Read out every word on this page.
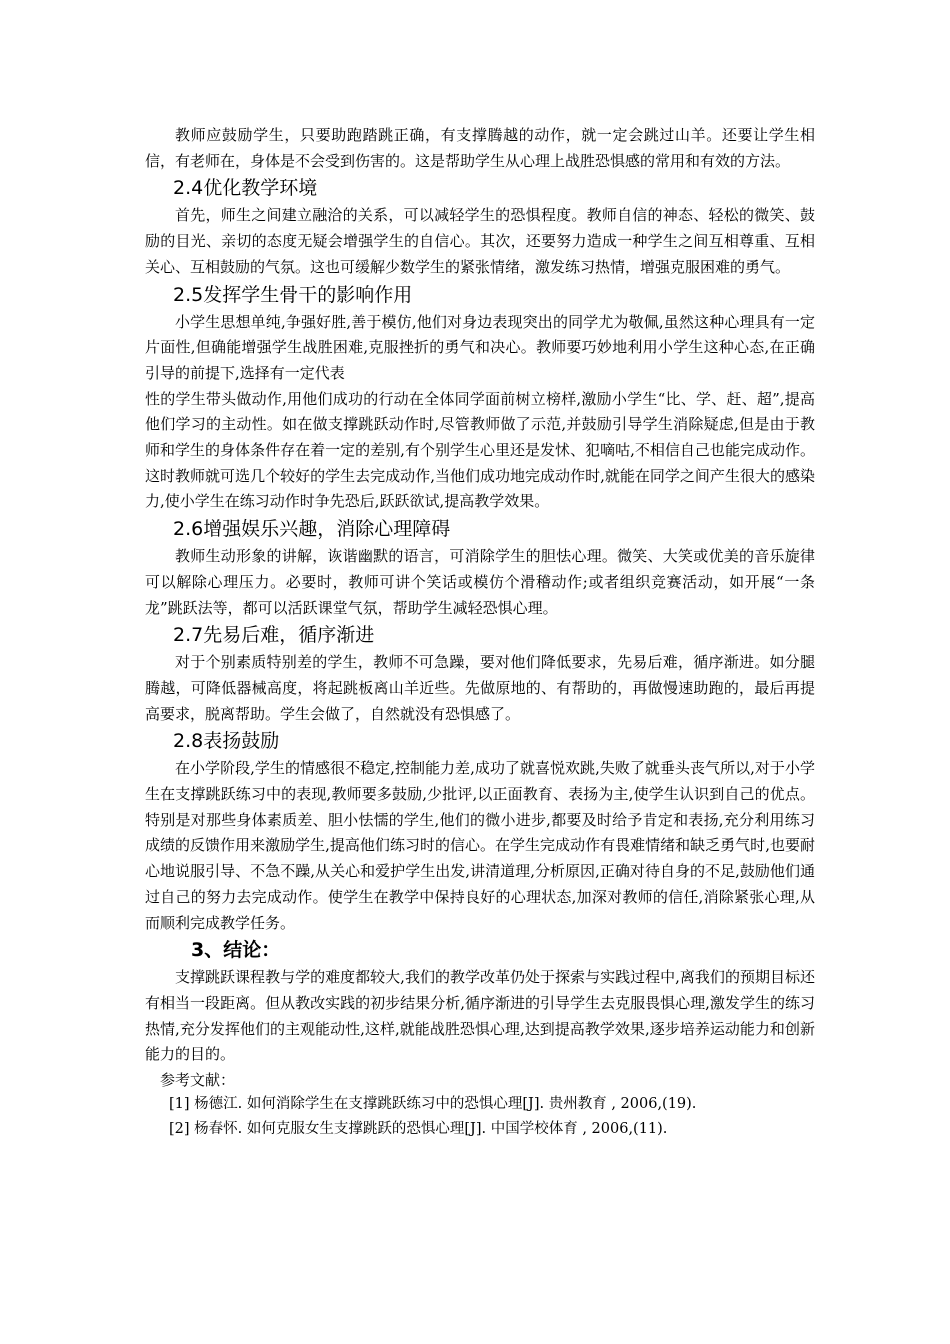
教师应鼓励学生，只要助跑踏跳正确，有支撑腾越的动作，就一定会跳过山羊。还要让学生相信，有老师在，身体是不会受到伤害的。这是帮助学生从心理上战胜恐惧感的常用和有效的方法。

2.4优化教学环境

首先，师生之间建立融洽的关系，可以减轻学生的恐惧程度。教师自信的神态、轻松的微笑、鼓励的目光、亲切的态度无疑会增强学生的自信心。其次，还要努力造成一种学生之间互相尊重、互相关心、互相鼓励的气氛。这也可缓解少数学生的紧张情绪，激发练习热情，增强克服困难的勇气。

2.5发挥学生骨干的影响作用

小学生思想单纯,争强好胜,善于模仿,他们对身边表现突出的同学尤为敬佩,虽然这种心理具有一定片面性,但确能增强学生战胜困难,克服挫折的勇气和决心。教师要巧妙地利用小学生这种心态,在正确引导的前提下,选择有一定代表

性的学生带头做动作,用他们成功的行动在全体同学面前树立榜样,激励小学生“比、学、赶、超”,提高他们学习的主动性。如在做支撑跳跃动作时,尽管教师做了示范,并鼓励引导学生消除疑虑,但是由于教师和学生的身体条件存在着一定的差别,有个别学生心里还是发怵、犯嘀咕,不相信自己也能完成动作。这时教师就可选几个较好的学生去完成动作,当他们成功地完成动作时,就能在同学之间产生很大的感染力,使小学生在练习动作时争先恐后,跃跃欲试,提高教学效果。

2.6增强娱乐兴趣，消除心理障碍

教师生动形象的讲解，诙谐幽默的语言，可消除学生的胆怯心理。微笑、大笑或优美的音乐旋律可以解除心理压力。必要时，教师可讲个笑话或模仿个滑稽动作;或者组织竞赛活动，如开展“一条龙”跳跃法等，都可以活跃课堂气氛，帮助学生减轻恐惧心理。

2.7先易后难，循序渐进

对于个别素质特别差的学生，教师不可急躁，要对他们降低要求，先易后难，循序渐进。如分腿腾越，可降低器械高度，将起跳板离山羊近些。先做原地的、有帮助的，再做慢速助跑的，最后再提高要求，脱离帮助。学生会做了，自然就没有恐惧感了。

2.8表扬鼓励

在小学阶段,学生的情感很不稳定,控制能力差,成功了就喜悦欢跳,失败了就垂头丧气所以,对于小学生在支撑跳跃练习中的表现,教师要多鼓励,少批评,以正面教育、表扬为主,使学生认识到自己的优点。特别是对那些身体素质差、胆小怯懦的学生,他们的微小进步,都要及时给予肯定和表扬,充分利用练习成绩的反馈作用来激励学生,提高他们练习时的信心。在学生完成动作有畏难情绪和缺乏勇气时,也要耐心地说服引导、不急不躁,从关心和爱护学生出发,讲清道理,分析原因,正确对待自身的不足,鼓励他们通过自己的努力去完成动作。使学生在教学中保持良好的心理状态,加深对教师的信任,消除紧张心理,从而顺利完成教学任务。

3、结论：

支撑跳跃课程教与学的难度都较大,我们的教学改革仍处于探索与实践过程中,离我们的预期目标还有相当一段距离。但从教改实践的初步结果分析,循序渐进的引导学生去克服畏惧心理,激发学生的练习热情,充分发挥他们的主观能动性,这样,就能战胜恐惧心理,达到提高教学效果,逐步培养运动能力和创新能力的目的。

参考文献：
[1] 杨德江. 如何消除学生在支撑跳跃练习中的恐惧心理[J]. 贵州教育 , 2006,(19).
[2] 杨春怀. 如何克服女生支撑跳跃的恐惧心理[J]. 中国学校体育 , 2006,(11).
